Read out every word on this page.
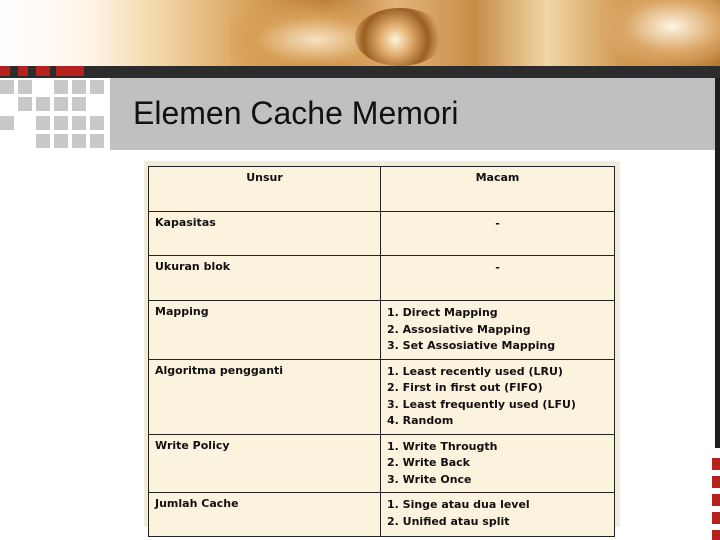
Elemen Cache Memori
Unsur	Macam
Kapasitas	-

Ukuran blok	-

Mapping	1. Direct Mapping
2. Assosiative Mapping
3. Set Assosiative Mapping

Algoritma pengganti	1. Least recently used (LRU)
2. First in first out (FIFO)
3. Least frequently used (LFU)
4. Random

Write Policy	1. Write Througth
2. Write Back
3. Write Once

Jumlah Cache	1. Singe atau dua level
2. Unified atau split
